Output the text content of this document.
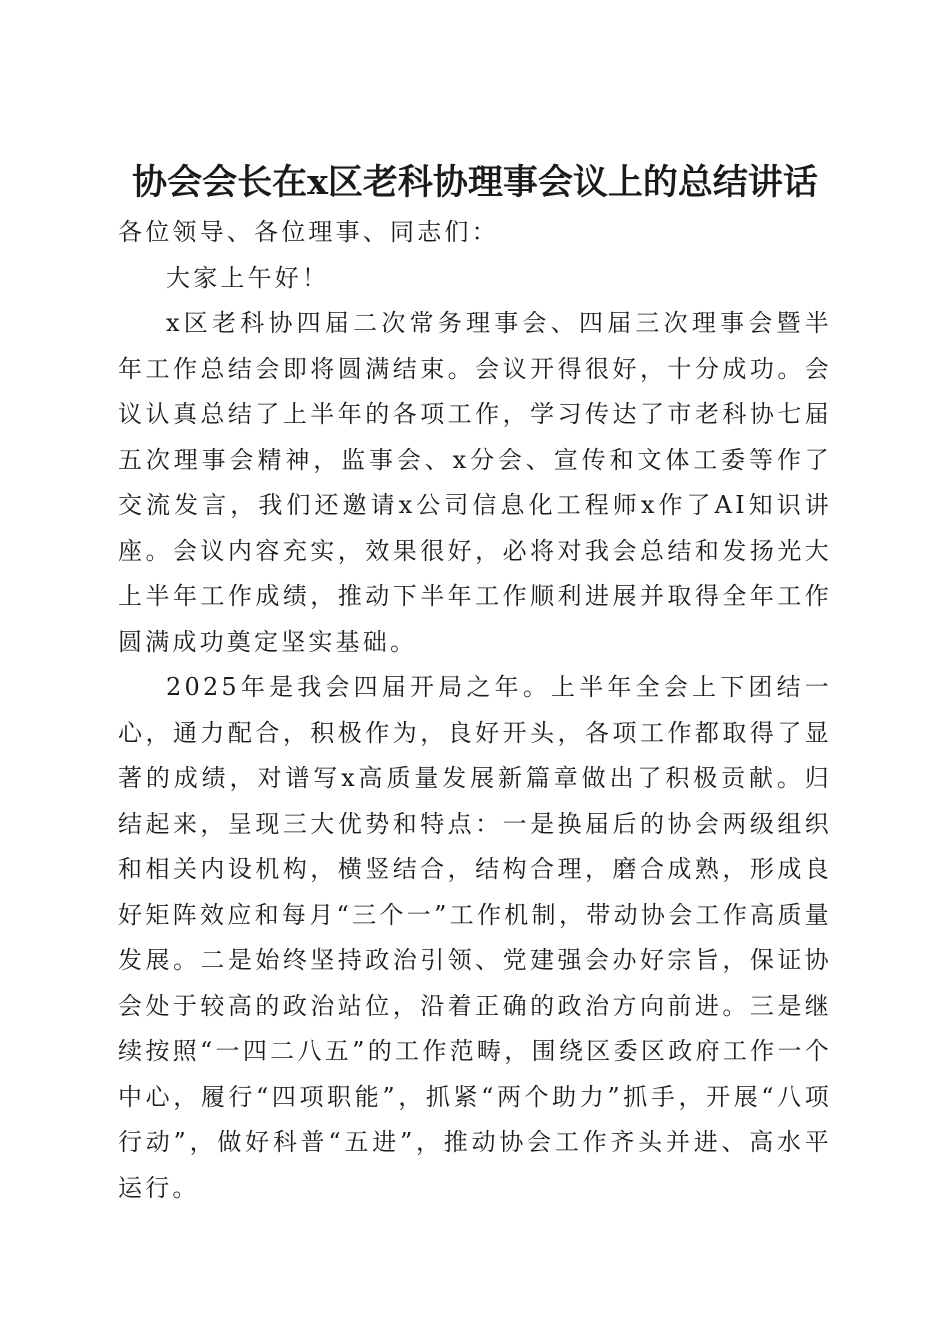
协会会长在x区老科协理事会议上的总结讲话

各位领导、各位理事、同志们：

大家上午好！

x区老科协四届二次常务理事会、四届三次理事会暨半年工作总结会即将圆满结束。会议开得很好，十分成功。会议认真总结了上半年的各项工作，学习传达了市老科协七届五次理事会精神，监事会、x分会、宣传和文体工委等作了交流发言，我们还邀请x公司信息化工程师x作了AI知识讲座。会议内容充实，效果很好，必将对我会总结和发扬光大上半年工作成绩，推动下半年工作顺利进展并取得全年工作圆满成功奠定坚实基础。

2025年是我会四届开局之年。上半年全会上下团结一心，通力配合，积极作为，良好开头，各项工作都取得了显著的成绩，对谱写x高质量发展新篇章做出了积极贡献。归结起来，呈现三大优势和特点：一是换届后的协会两级组织和相关内设机构，横竖结合，结构合理，磨合成熟，形成良好矩阵效应和每月“三个一”工作机制，带动协会工作高质量发展。二是始终坚持政治引领、党建强会办好宗旨，保证协会处于较高的政治站位，沿着正确的政治方向前进。三是继续按照“一四二八五”的工作范畴，围绕区委区政府工作一个中心，履行“四项职能”，抓紧“两个助力”抓手，开展“八项行动”，做好科普“五进”，推动协会工作齐头并进、高水平运行。
